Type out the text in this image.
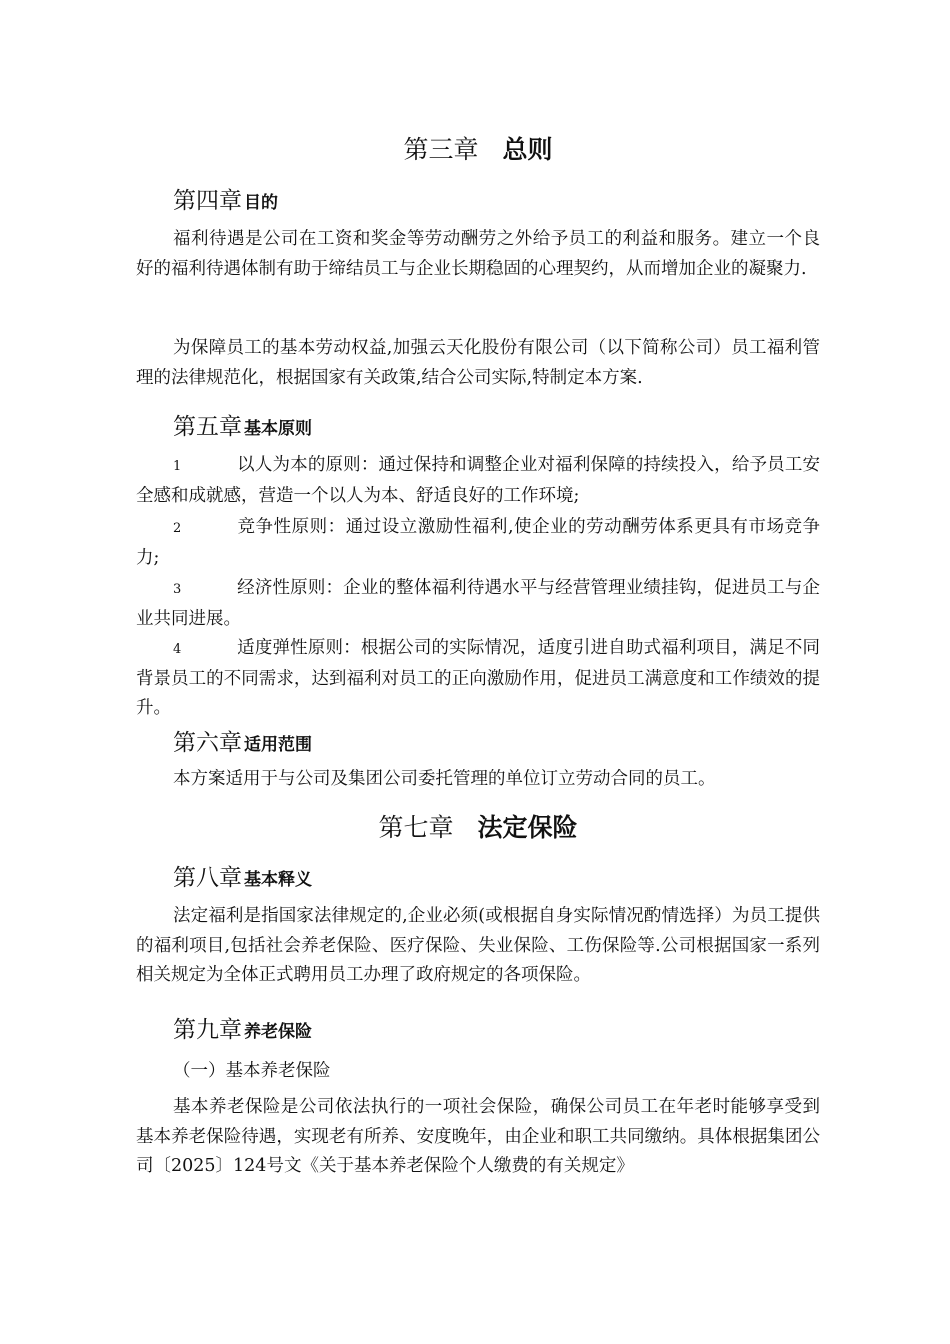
第三章 总则
第四章 目的

福利待遇是公司在工资和奖金等劳动酬劳之外给予员工的利益和服务。建立一个良好的福利待遇体制有助于缔结员工与企业长期稳固的心理契约，从而增加企业的凝聚力.

为保障员工的基本劳动权益,加强云天化股份有限公司（以下简称公司）员工福利管理的法律规范化，根据国家有关政策,结合公司实际,特制定本方案.

第五章 基本原则

1	以人为本的原则：通过保持和调整企业对福利保障的持续投入，给予员工安全感和成就感，营造一个以人为本、舒适良好的工作环境;

2	竞争性原则：通过设立激励性福利,使企业的劳动酬劳体系更具有市场竞争力;

3	经济性原则：企业的整体福利待遇水平与经营管理业绩挂钩，促进员工与企业共同进展。

4	适度弹性原则：根据公司的实际情况，适度引进自助式福利项目，满足不同背景员工的不同需求，达到福利对员工的正向激励作用，促进员工满意度和工作绩效的提升。

第六章 适用范围

本方案适用于与公司及集团公司委托管理的单位订立劳动合同的员工。

第七章 法定保险
第八章 基本释义

法定福利是指国家法律规定的,企业必须(或根据自身实际情况酌情选择）为员工提供的福利项目,包括社会养老保险、医疗保险、失业保险、工伤保险等.公司根据国家一系列相关规定为全体正式聘用员工办理了政府规定的各项保险。

第九章 养老保险
（一）基本养老保险

基本养老保险是公司依法执行的一项社会保险，确保公司员工在年老时能够享受到基本养老保险待遇，实现老有所养、安度晚年，由企业和职工共同缴纳。具体根据集团公司〔2025〕124号文《关于基本养老保险个人缴费的有关规定》
